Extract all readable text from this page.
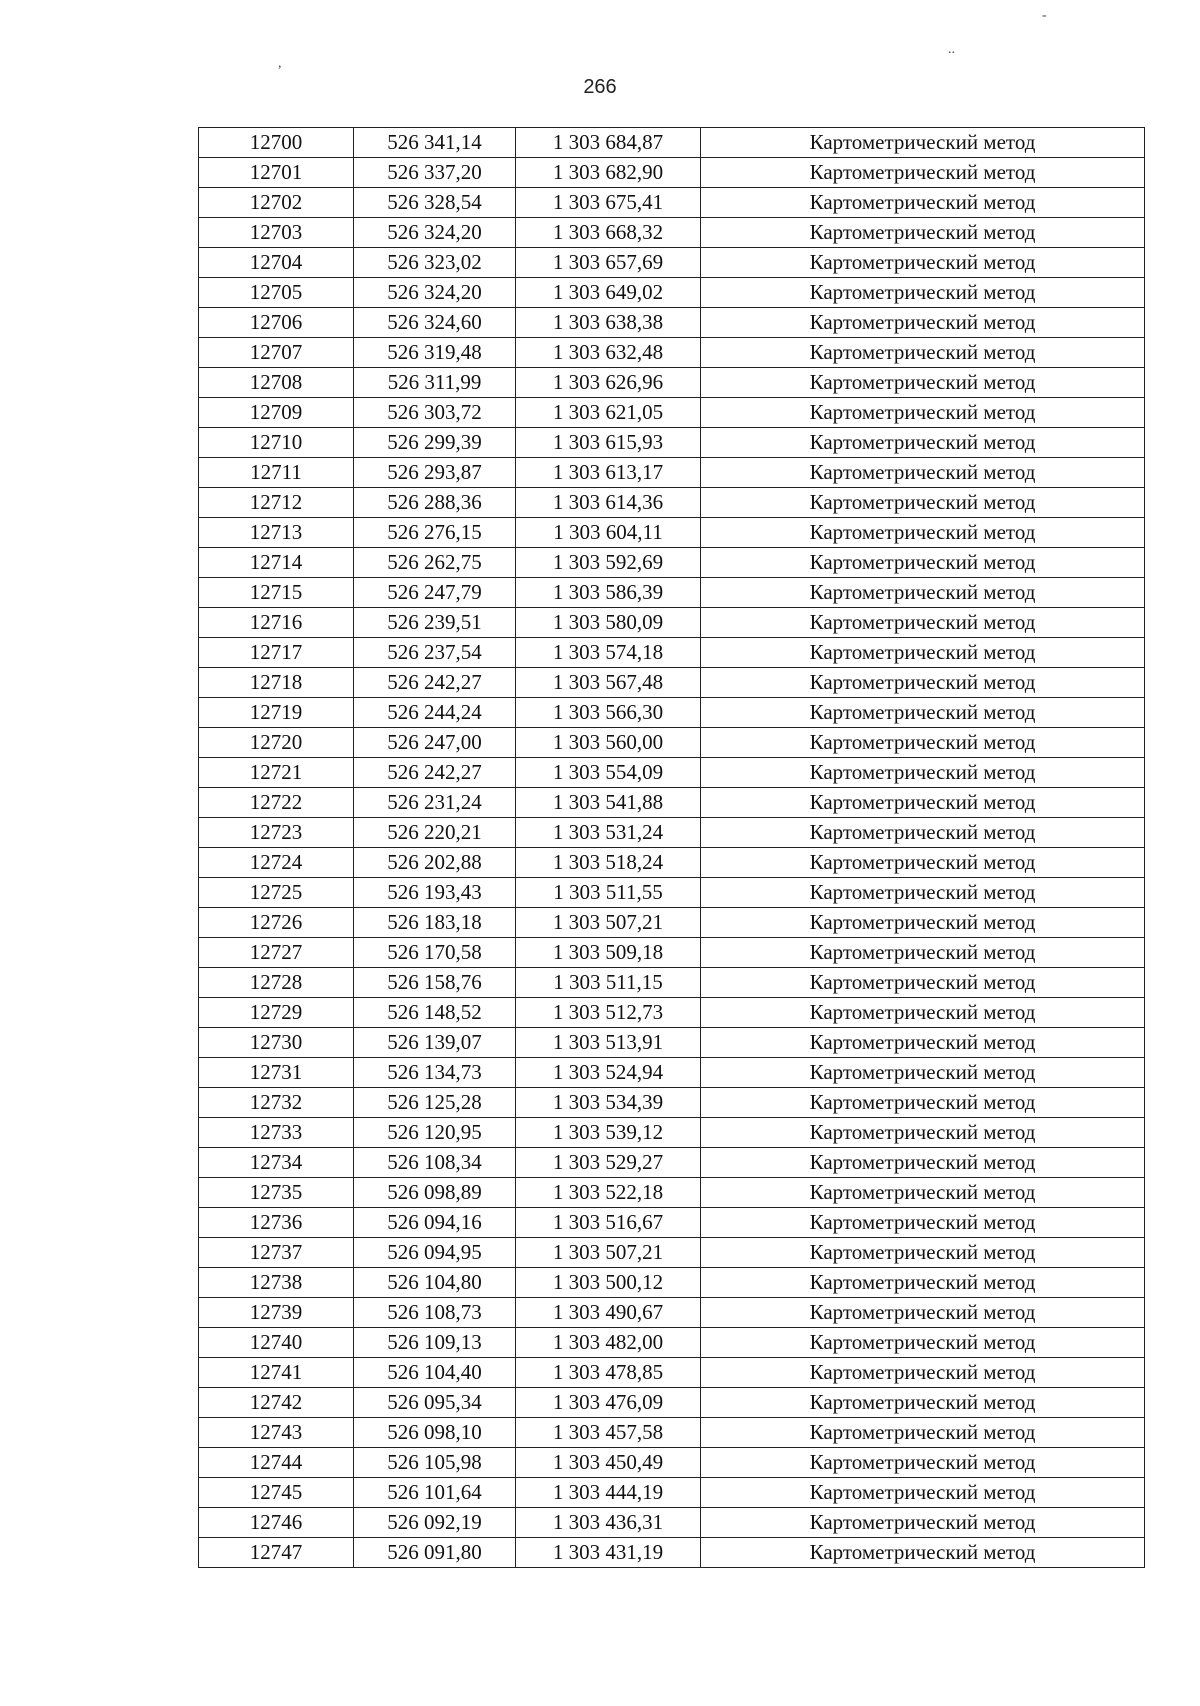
,
-
..
266
12700	526 341,14	1 303 684,87	Картометрический метод
12701	526 337,20	1 303 682,90	Картометрический метод
12702	526 328,54	1 303 675,41	Картометрический метод
12703	526 324,20	1 303 668,32	Картометрический метод
12704	526 323,02	1 303 657,69	Картометрический метод
12705	526 324,20	1 303 649,02	Картометрический метод
12706	526 324,60	1 303 638,38	Картометрический метод
12707	526 319,48	1 303 632,48	Картометрический метод
12708	526 311,99	1 303 626,96	Картометрический метод
12709	526 303,72	1 303 621,05	Картометрический метод
12710	526 299,39	1 303 615,93	Картометрический метод
12711	526 293,87	1 303 613,17	Картометрический метод
12712	526 288,36	1 303 614,36	Картометрический метод
12713	526 276,15	1 303 604,11	Картометрический метод
12714	526 262,75	1 303 592,69	Картометрический метод
12715	526 247,79	1 303 586,39	Картометрический метод
12716	526 239,51	1 303 580,09	Картометрический метод
12717	526 237,54	1 303 574,18	Картометрический метод
12718	526 242,27	1 303 567,48	Картометрический метод
12719	526 244,24	1 303 566,30	Картометрический метод
12720	526 247,00	1 303 560,00	Картометрический метод
12721	526 242,27	1 303 554,09	Картометрический метод
12722	526 231,24	1 303 541,88	Картометрический метод
12723	526 220,21	1 303 531,24	Картометрический метод
12724	526 202,88	1 303 518,24	Картометрический метод
12725	526 193,43	1 303 511,55	Картометрический метод
12726	526 183,18	1 303 507,21	Картометрический метод
12727	526 170,58	1 303 509,18	Картометрический метод
12728	526 158,76	1 303 511,15	Картометрический метод
12729	526 148,52	1 303 512,73	Картометрический метод
12730	526 139,07	1 303 513,91	Картометрический метод
12731	526 134,73	1 303 524,94	Картометрический метод
12732	526 125,28	1 303 534,39	Картометрический метод
12733	526 120,95	1 303 539,12	Картометрический метод
12734	526 108,34	1 303 529,27	Картометрический метод
12735	526 098,89	1 303 522,18	Картометрический метод
12736	526 094,16	1 303 516,67	Картометрический метод
12737	526 094,95	1 303 507,21	Картометрический метод
12738	526 104,80	1 303 500,12	Картометрический метод
12739	526 108,73	1 303 490,67	Картометрический метод
12740	526 109,13	1 303 482,00	Картометрический метод
12741	526 104,40	1 303 478,85	Картометрический метод
12742	526 095,34	1 303 476,09	Картометрический метод
12743	526 098,10	1 303 457,58	Картометрический метод
12744	526 105,98	1 303 450,49	Картометрический метод
12745	526 101,64	1 303 444,19	Картометрический метод
12746	526 092,19	1 303 436,31	Картометрический метод
12747	526 091,80	1 303 431,19	Картометрический метод
